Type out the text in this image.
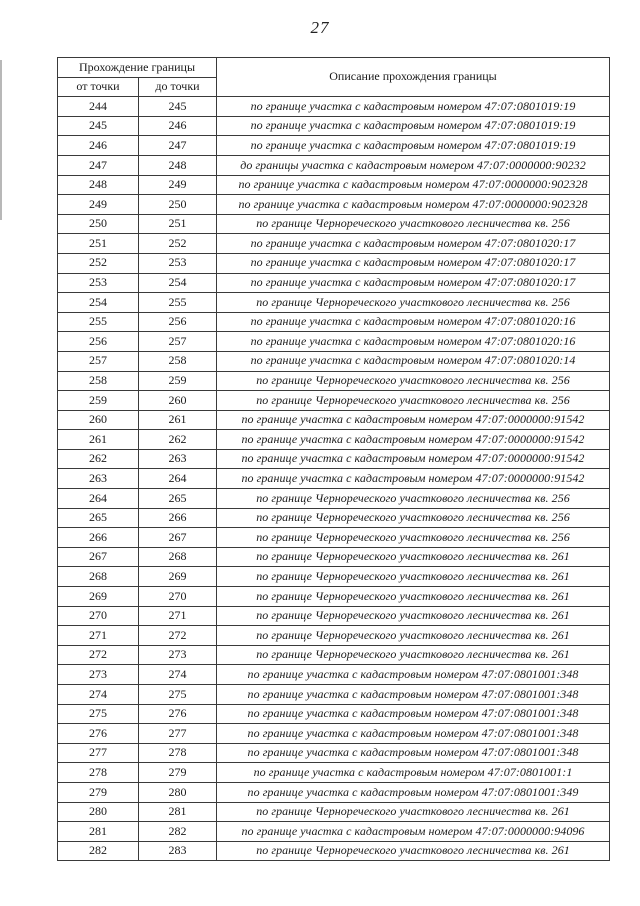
27
Прохождение границы		Описание прохождения границы
от точки	до точки	
244	245	по границе участка с кадастровым номером 47:07:0801019:19
245	246	по границе участка с кадастровым номером 47:07:0801019:19
246	247	по границе участка с кадастровым номером 47:07:0801019:19
247	248	до границы участка с кадастровым номером 47:07:0000000:90232
248	249	по границе участка с кадастровым номером 47:07:0000000:902328
249	250	по границе участка с кадастровым номером 47:07:0000000:902328
250	251	по границе Чернореческого участкового лесничества кв. 256
251	252	по границе участка с кадастровым номером 47:07:0801020:17
252	253	по границе участка с кадастровым номером 47:07:0801020:17
253	254	по границе участка с кадастровым номером 47:07:0801020:17
254	255	по границе Чернореческого участкового лесничества кв. 256
255	256	по границе участка с кадастровым номером 47:07:0801020:16
256	257	по границе участка с кадастровым номером 47:07:0801020:16
257	258	по границе участка с кадастровым номером 47:07:0801020:14
258	259	по границе Чернореческого участкового лесничества кв. 256
259	260	по границе Чернореческого участкового лесничества кв. 256
260	261	по границе участка с кадастровым номером 47:07:0000000:91542
261	262	по границе участка с кадастровым номером 47:07:0000000:91542
262	263	по границе участка с кадастровым номером 47:07:0000000:91542
263	264	по границе участка с кадастровым номером 47:07:0000000:91542
264	265	по границе Чернореческого участкового лесничества кв. 256
265	266	по границе Чернореческого участкового лесничества кв. 256
266	267	по границе Чернореческого участкового лесничества кв. 256
267	268	по границе Чернореческого участкового лесничества кв. 261
268	269	по границе Чернореческого участкового лесничества кв. 261
269	270	по границе Чернореческого участкового лесничества кв. 261
270	271	по границе Чернореческого участкового лесничества кв. 261
271	272	по границе Чернореческого участкового лесничества кв. 261
272	273	по границе Чернореческого участкового лесничества кв. 261
273	274	по границе участка с кадастровым номером 47:07:0801001:348
274	275	по границе участка с кадастровым номером 47:07:0801001:348
275	276	по границе участка с кадастровым номером 47:07:0801001:348
276	277	по границе участка с кадастровым номером 47:07:0801001:348
277	278	по границе участка с кадастровым номером 47:07:0801001:348
278	279	по границе участка с кадастровым номером 47:07:0801001:1
279	280	по границе участка с кадастровым номером 47:07:0801001:349
280	281	по границе Чернореческого участкового лесничества кв. 261
281	282	по границе участка с кадастровым номером 47:07:0000000:94096
282	283	по границе Чернореческого участкового лесничества кв. 261
